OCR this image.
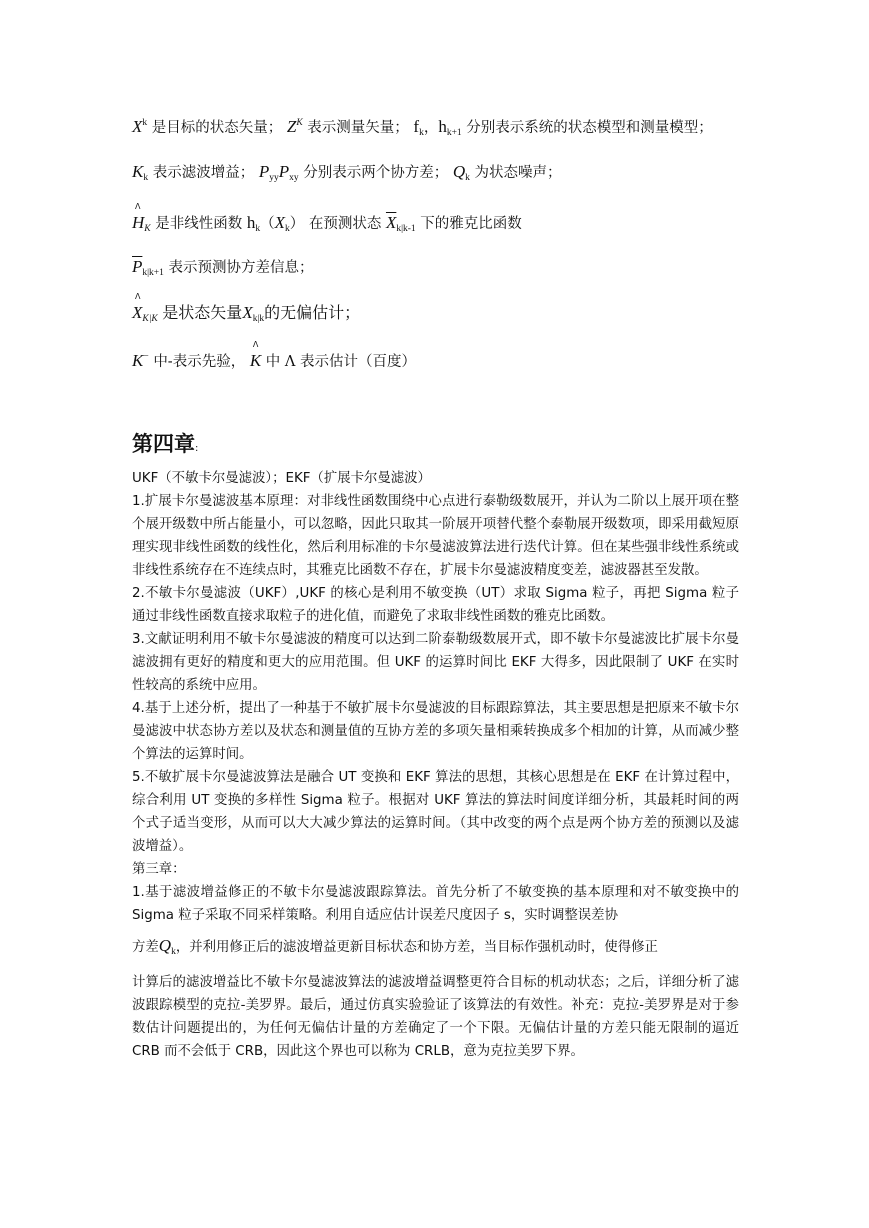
$X^k$ 是目标的状态矢量； $Z^K$ 表示测量矢量； $f_k$，$h_{k+1}$ 分别表示系统的状态模型和测量模型；
$K_k$ 表示滤波增益； $P_{yy}P_{xy}$ 分别表示两个协方差； $Q_k$ 为状态噪声；
Λ $H_K$ 是非线性函数 $h_k(X_k)$ 在预测状态 $\overline{X}_{k|k-1}$ 下的雅克比函数
$\overline{P}_{k|k+1}$ 表示预测协方差信息；
Λ $X_{K|K}$ 是状态矢量$X_{k|k}$的无偏估计；
K− 中-表示先验， Λ K 中 Λ 表示估计（百度）
第四章:

UKF（不敏卡尔曼滤波）；EKF（扩展卡尔曼滤波）

1.扩展卡尔曼滤波基本原理：对非线性函数围绕中心点进行泰勒级数展开，并认为二阶以上展开项在整个展开级数中所占能量小，可以忽略，因此只取其一阶展开项替代整个泰勒展开级数项，即采用截短原理实现非线性函数的线性化，然后利用标准的卡尔曼滤波算法进行迭代计算。但在某些强非线性系统或非线性系统存在不连续点时，其雅克比函数不存在，扩展卡尔曼滤波精度变差，滤波器甚至发散。

2.不敏卡尔曼滤波（UKF）,UKF 的核心是利用不敏变换（UT）求取 Sigma 粒子，再把 Sigma 粒子通过非线性函数直接求取粒子的进化值，而避免了求取非线性函数的雅克比函数。

3.文献证明利用不敏卡尔曼滤波的精度可以达到二阶泰勒级数展开式，即不敏卡尔曼滤波比扩展卡尔曼滤波拥有更好的精度和更大的应用范围。但 UKF 的运算时间比 EKF 大得多，因此限制了 UKF 在实时性较高的系统中应用。

4.基于上述分析，提出了一种基于不敏扩展卡尔曼滤波的目标跟踪算法，其主要思想是把原来不敏卡尔曼滤波中状态协方差以及状态和测量值的互协方差的多项矢量相乘转换成多个相加的计算，从而减少整个算法的运算时间。

5.不敏扩展卡尔曼滤波算法是融合 UT 变换和 EKF 算法的思想，其核心思想是在 EKF 在计算过程中，综合利用 UT 变换的多样性 Sigma 粒子。根据对 UKF 算法的算法时间度详细分析，其最耗时间的两个式子适当变形，从而可以大大减少算法的运算时间。（其中改变的两个点是两个协方差的预测以及滤波增益）。

第三章：

1.基于滤波增益修正的不敏卡尔曼滤波跟踪算法。首先分析了不敏变换的基本原理和对不敏变换中的 Sigma 粒子采取不同采样策略。利用自适应估计误差尺度因子 s，实时调整误差协

方差$Q_k$，并利用修正后的滤波增益更新目标状态和协方差，当目标作强机动时，使得修正

计算后的滤波增益比不敏卡尔曼滤波算法的滤波增益调整更符合目标的机动状态；之后，详细分析了滤波跟踪模型的克拉-美罗界。最后，通过仿真实验验证了该算法的有效性。补充：克拉-美罗界是对于参数估计问题提出的，为任何无偏估计量的方差确定了一个下限。无偏估计量的方差只能无限制的逼近 CRB 而不会低于 CRB，因此这个界也可以称为 CRLB，意为克拉美罗下界。
